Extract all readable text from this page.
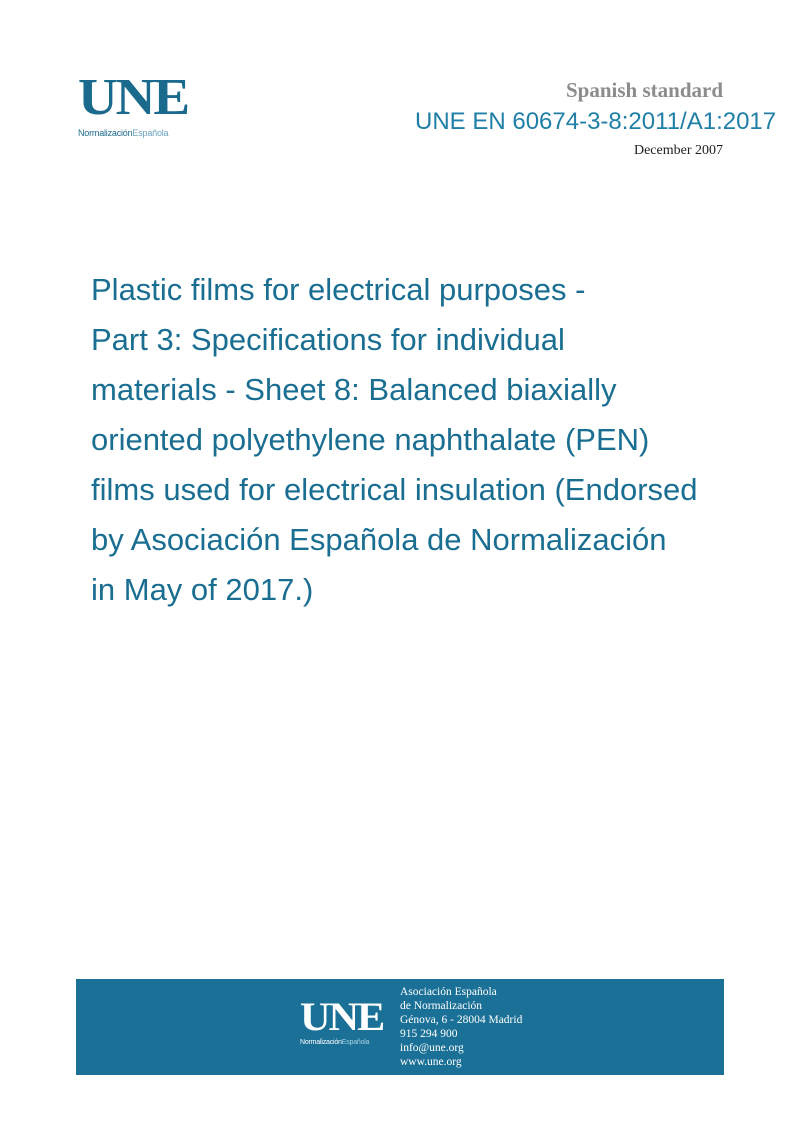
UNE
NormalizaciónEspañola

Spanish standard

UNE EN 60674-3-8:2011/A1:2017
December 2007
Plastic films for electrical purposes -
Part 3: Specifications for individual
materials - Sheet 8: Balanced biaxially
oriented polyethylene naphthalate (PEN)
films used for electrical insulation (Endorsed
by Asociación Española de Normalización
in May of 2017.)
UNE
NormalizaciónEspañola
Asociación Española
de Normalización
Génova, 6 - 28004 Madrid
915 294 900
info@une.org
www.une.org
